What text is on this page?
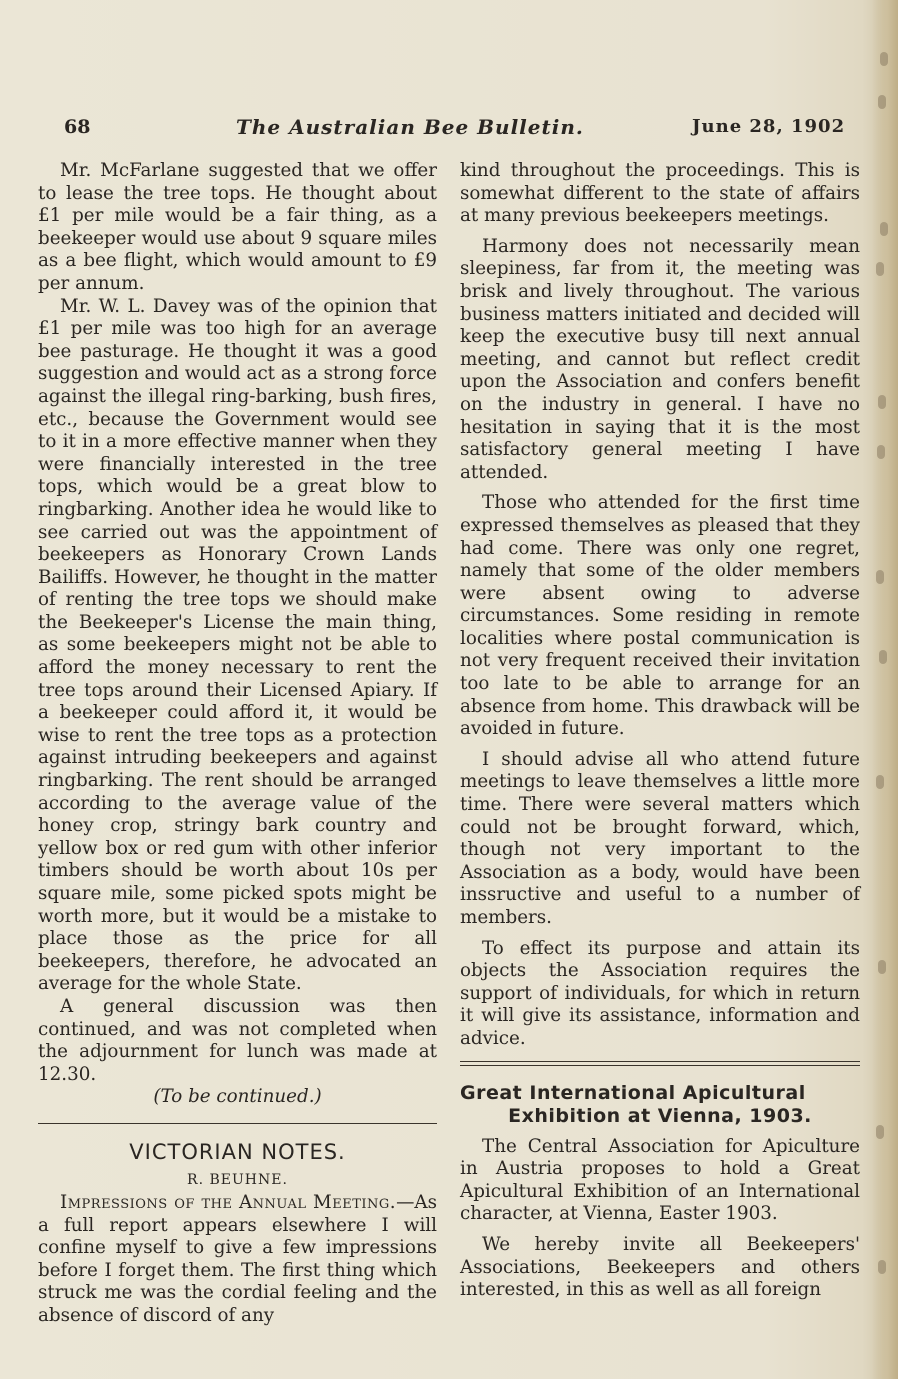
68	The Australian Bee Bulletin.	June 28, 1902

Mr. McFarlane suggested that we offer to lease the tree tops. He thought about £1 per mile would be a fair thing, as a beekeeper would use about 9 square miles as a bee flight, which would amount to £9 per annum.

Mr. W. L. Davey was of the opinion that £1 per mile was too high for an average bee pasturage. He thought it was a good suggestion and would act as a strong force against the illegal ring-barking, bush fires, etc., because the Government would see to it in a more effective manner when they were financially interested in the tree tops, which would be a great blow to ringbarking. Another idea he would like to see carried out was the appointment of beekeepers as Honorary Crown Lands Bailiffs. However, he thought in the matter of renting the tree tops we should make the Beekeeper's License the main thing, as some beekeepers might not be able to afford the money necessary to rent the tree tops around their Licensed Apiary. If a beekeeper could afford it, it would be wise to rent the tree tops as a protection against intruding beekeepers and against ringbarking. The rent should be arranged according to the average value of the honey crop, stringy bark country and yellow box or red gum with other inferior timbers should be worth about 10s per square mile, some picked spots might be worth more, but it would be a mistake to place those as the price for all beekeepers, therefore, he advocated an average for the whole State.

A general discussion was then continued, and was not completed when the adjournment for lunch was made at 12.30.

(To be continued.)

VICTORIAN NOTES.
R. BEUHNE.

Impressions of the Annual Meeting.—As a full report appears elsewhere I will confine myself to give a few impressions before I forget them. The first thing which struck me was the cordial feeling and the absence of discord of any

kind throughout the proceedings. This is somewhat different to the state of affairs at many previous beekeepers meetings.

Harmony does not necessarily mean sleepiness, far from it, the meeting was brisk and lively throughout. The various business matters initiated and decided will keep the executive busy till next annual meeting, and cannot but reflect credit upon the Association and confers benefit on the industry in general. I have no hesitation in saying that it is the most satisfactory general meeting I have attended.

Those who attended for the first time expressed themselves as pleased that they had come. There was only one regret, namely that some of the older members were absent owing to adverse circumstances. Some residing in remote localities where postal communication is not very frequent received their invitation too late to be able to arrange for an absence from home. This drawback will be avoided in future.

I should advise all who attend future meetings to leave themselves a little more time. There were several matters which could not be brought forward, which, though not very important to the Association as a body, would have been inssructive and useful to a number of members.

To effect its purpose and attain its objects the Association requires the support of individuals, for which in return it will give its assistance, information and advice.

Great International Apicultural
Exhibition at Vienna, 1903.

The Central Association for Apiculture in Austria proposes to hold a Great Apicultural Exhibition of an International character, at Vienna, Easter 1903.

We hereby invite all Beekeepers' Associations, Beekeepers and others interested, in this as well as all foreign
